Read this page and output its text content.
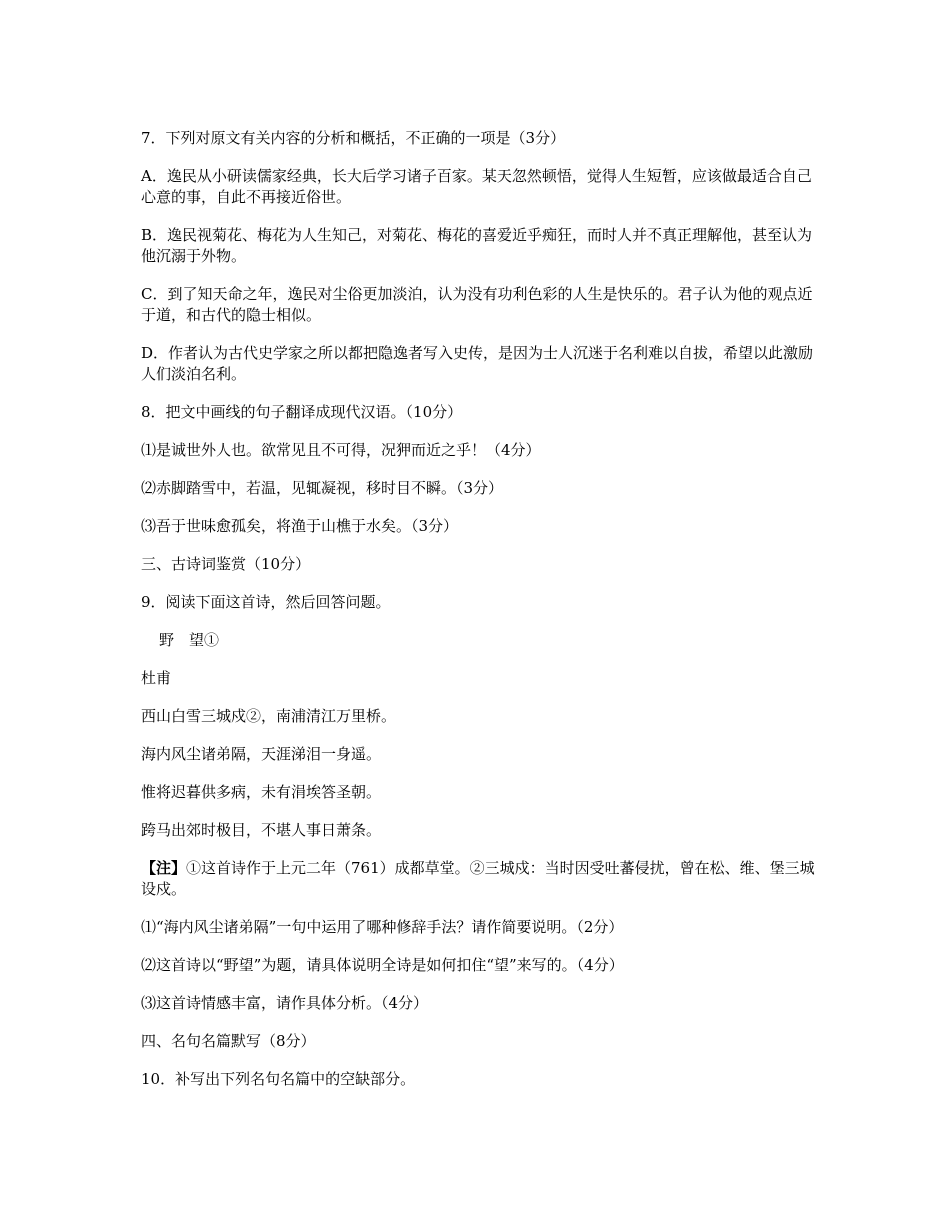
7．下列对原文有关内容的分析和概括，不正确的一项是（3分）

A．逸民从小研读儒家经典，长大后学习诸子百家。某天忽然顿悟，觉得人生短暂，应该做最适合自己心意的事，自此不再接近俗世。

B．逸民视菊花、梅花为人生知己，对菊花、梅花的喜爱近乎痴狂，而时人并不真正理解他，甚至认为他沉溺于外物。

C．到了知天命之年，逸民对尘俗更加淡泊，认为没有功利色彩的人生是快乐的。君子认为他的观点近于道，和古代的隐士相似。

D．作者认为古代史学家之所以都把隐逸者写入史传，是因为士人沉迷于名利难以自拔，希望以此激励人们淡泊名利。

8．把文中画线的句子翻译成现代汉语。（10分）

⑴是诚世外人也。欲常见且不可得，况狎而近之乎！（4分）

⑵赤脚踏雪中，若温，见辄凝视，移时目不瞬。（3分）

⑶吾于世味愈孤矣，将渔于山樵于水矣。（3分）

三、古诗词鉴赏（10分）

9．阅读下面这首诗，然后回答问题。

野　望①

杜甫

西山白雪三城戍②，南浦清江万里桥。

海内风尘诸弟隔，天涯涕泪一身遥。

惟将迟暮供多病，未有涓埃答圣朝。

跨马出郊时极目，不堪人事日萧条。

【注】①这首诗作于上元二年（761）成都草堂。②三城戍：当时因受吐蕃侵扰，曾在松、维、堡三城设戍。

⑴“海内风尘诸弟隔”一句中运用了哪种修辞手法？请作简要说明。（2分）

⑵这首诗以“野望”为题，请具体说明全诗是如何扣住“望”来写的。（4分）

⑶这首诗情感丰富，请作具体分析。（4分）

四、名句名篇默写（8分）

10．补写出下列名句名篇中的空缺部分。
